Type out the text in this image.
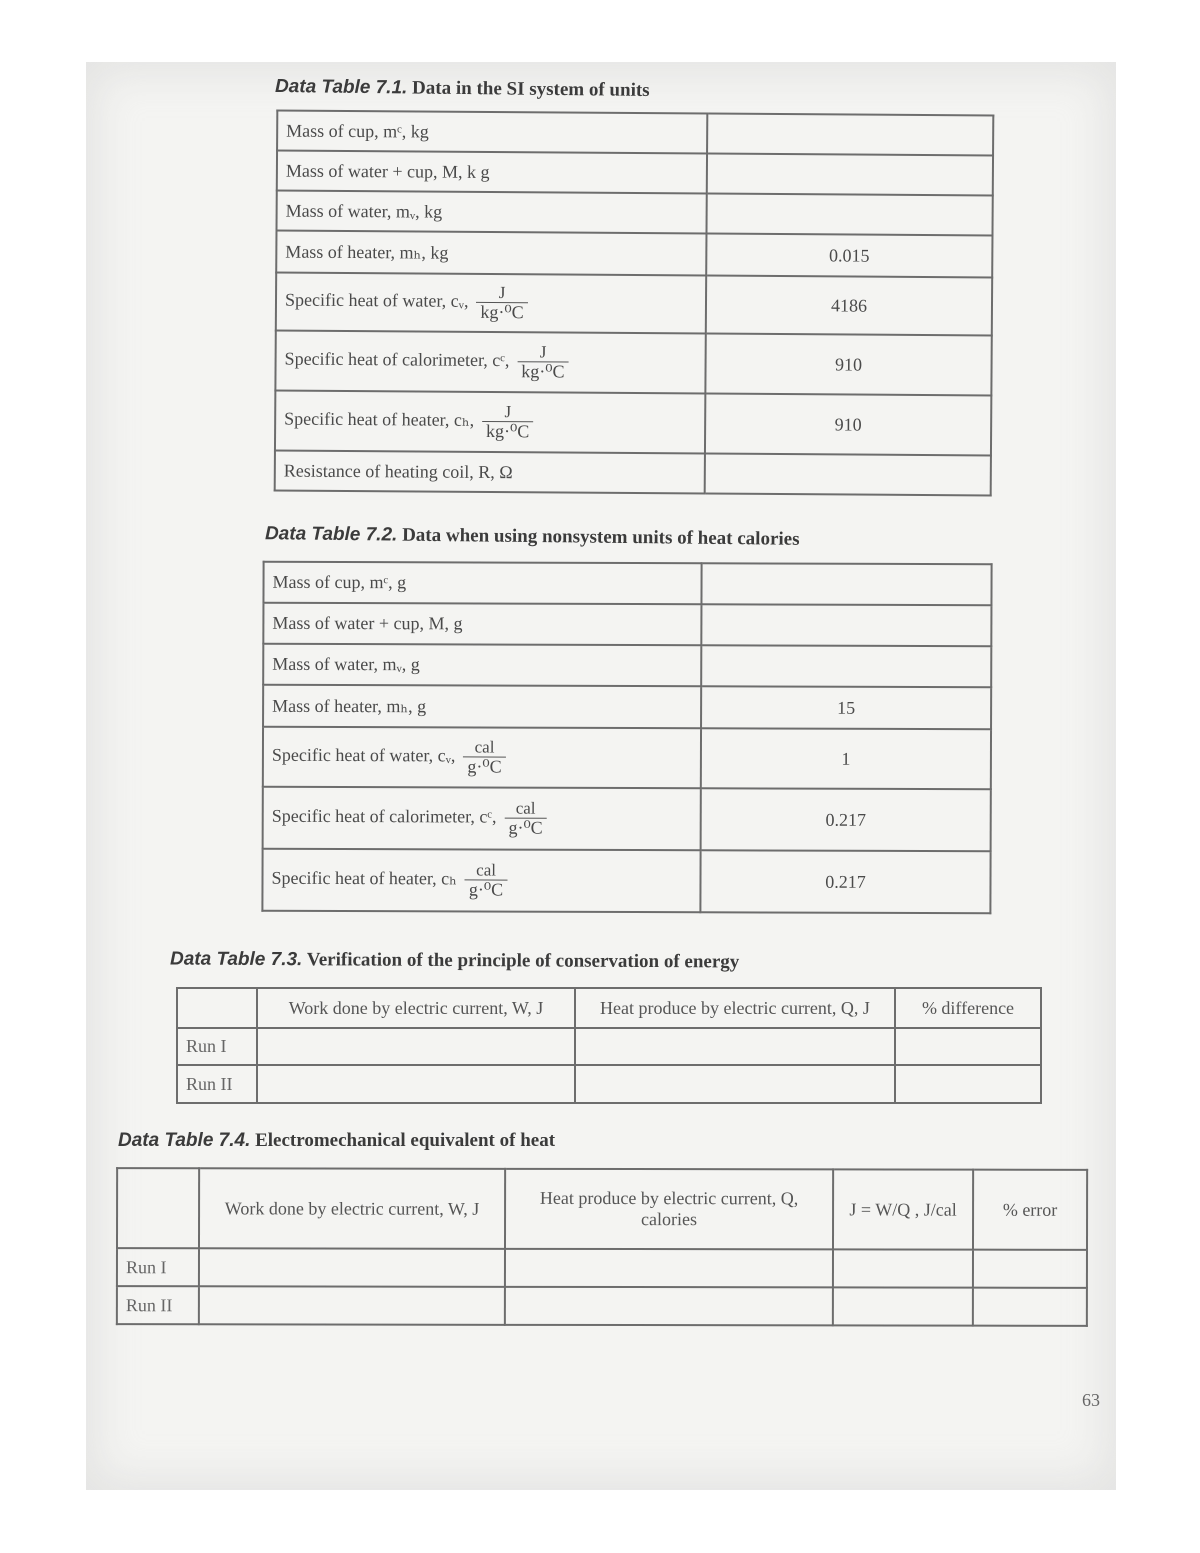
Data Table 7.1. Data in the SI system of units
Mass of cup, mᶜ, kg	
Mass of water + cup, M, k g	
Mass of water, mᵥ, kg	
Mass of heater, mₕ, kg	0.015
Specific heat of water, cᵥ, $\frac{J}{\text{kg·⁰C}}$	4186
Specific heat of calorimeter, cᶜ, $\frac{J}{\text{kg·⁰C}}$	910
Specific heat of heater, cₕ, $\frac{J}{\text{kg·⁰C}}$	910
Resistance of heating coil, R, Ω	
Data Table 7.2. Data when using nonsystem units of heat calories
Mass of cup, mᶜ, g	
Mass of water + cup, M, g	
Mass of water, mᵥ, g	
Mass of heater, mₕ, g	15
Specific heat of water, cᵥ, $\frac{\text{cal}}{\text{g·⁰C}}$	1
Specific heat of calorimeter, cᶜ, $\frac{\text{cal}}{\text{g·⁰C}}$	0.217
Specific heat of heater, cₕ $\frac{\text{cal}}{\text{g·⁰C}}$	0.217
Data Table 7.3. Verification of the principle of conservation of energy
	Work done by electric current, W, J	Heat produce by electric current, Q, J	% difference
Run I			
Run II			
Data Table 7.4. Electromechanical equivalent of heat
	Work done by electric current, W, J	Heat produce by electric current, Q, calories	J = W/Q , J/cal	% error
Run I				
Run II				
63
